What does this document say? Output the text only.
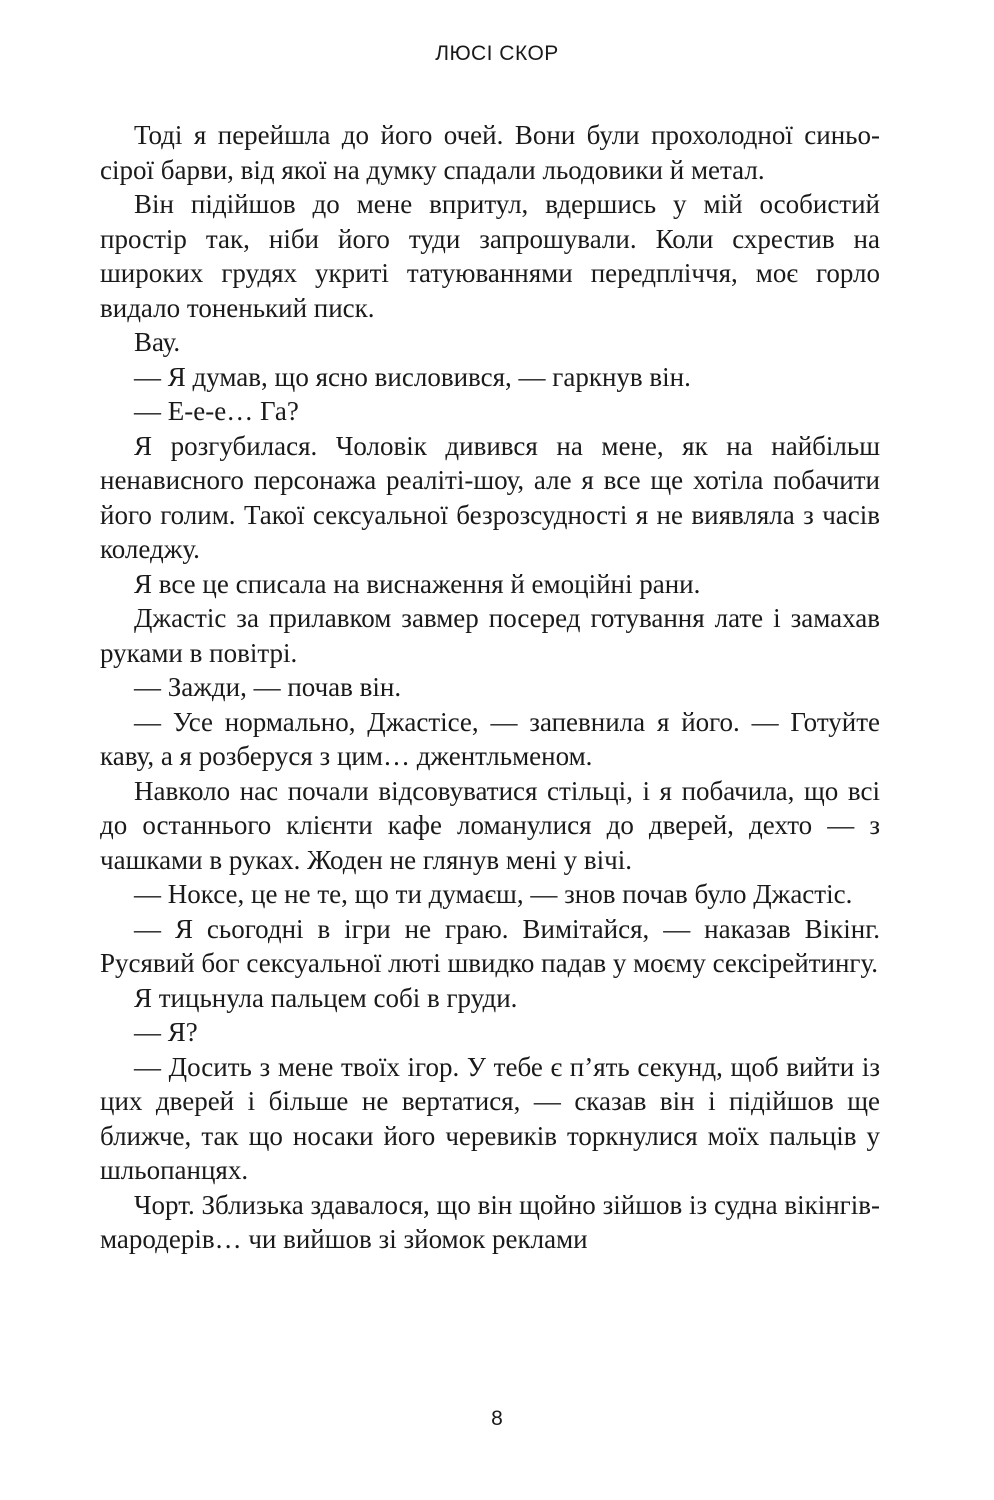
ЛЮСІ СКОР

Тоді я перейшла до його очей. Вони були прохолодної синьо-сірої барви, від якої на думку спадали льодовики й метал.

Він підійшов до мене впритул, вдершись у мій особистий простір так, ніби його туди запрошували. Коли схрестив на широких грудях укриті татуюваннями передпліччя, моє горло видало тоненький писк.

Вау.

— Я думав, що ясно висловився, — гаркнув він.

— Е-е-е… Га?

Я розгубилася. Чоловік дивився на мене, як на найбільш ненависного персонажа реаліті-шоу, але я все ще хотіла побачити його голим. Такої сексуальної безрозсудності я не виявляла з часів коледжу.

Я все це списала на виснаження й емоційні рани.

Джастіс за прилавком завмер посеред готування лате і замахав руками в повітрі.

— Зажди, — почав він.

— Усе нормально, Джастісе, — запевнила я його. — Готуйте каву, а я розберуся з цим… джентльменом.

Навколо нас почали відсовуватися стільці, і я побачила, що всі до останнього клієнти кафе ломанулися до дверей, дехто — з чашками в руках. Жоден не глянув мені у вічі.

— Ноксе, це не те, що ти думаєш, — знов почав було Джастіс.

— Я сьогодні в ігри не граю. Вимітайся, — наказав Вікінг. Русявий бог сексуальної люті швидко падав у моєму сексірейтингу.

Я тицьнула пальцем собі в груди.

— Я?

— Досить з мене твоїх ігор. У тебе є п’ять секунд, щоб вийти із цих дверей і більше не вертатися, — сказав він і підійшов ще ближче, так що носаки його черевиків торкнулися моїх пальців у шльопанцях.

Чорт. Зблизька здавалося, що він щойно зійшов із судна вікінгів-мародерів… чи вийшов зі зйомок реклами

8
